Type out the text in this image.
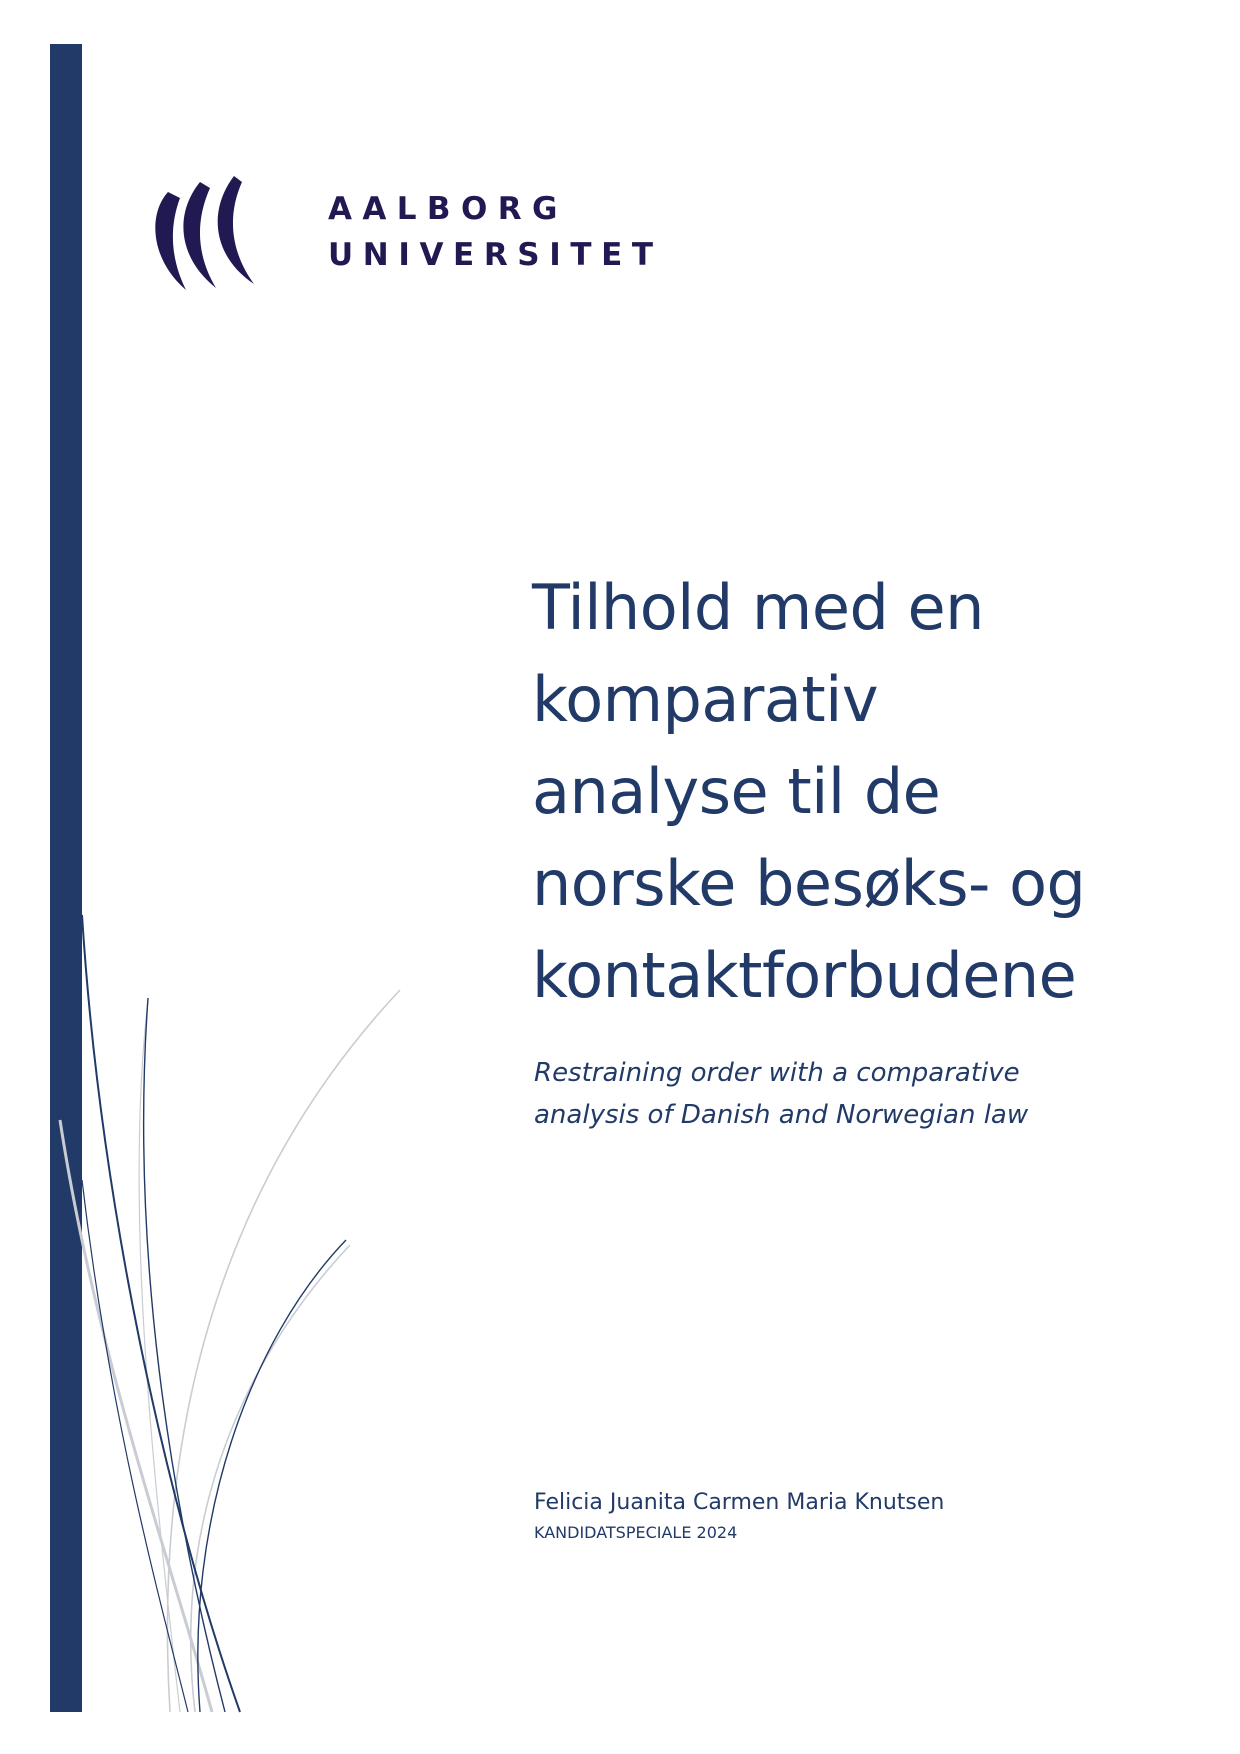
AALBORG
UNIVERSITET
Tilhold med en
komparativ
analyse til de
norske besøks- og
kontaktforbudene

Restraining order with a comparative
analysis of Danish and Norwegian law

Felicia Juanita Carmen Maria Knutsen
KANDIDATSPECIALE 2024
